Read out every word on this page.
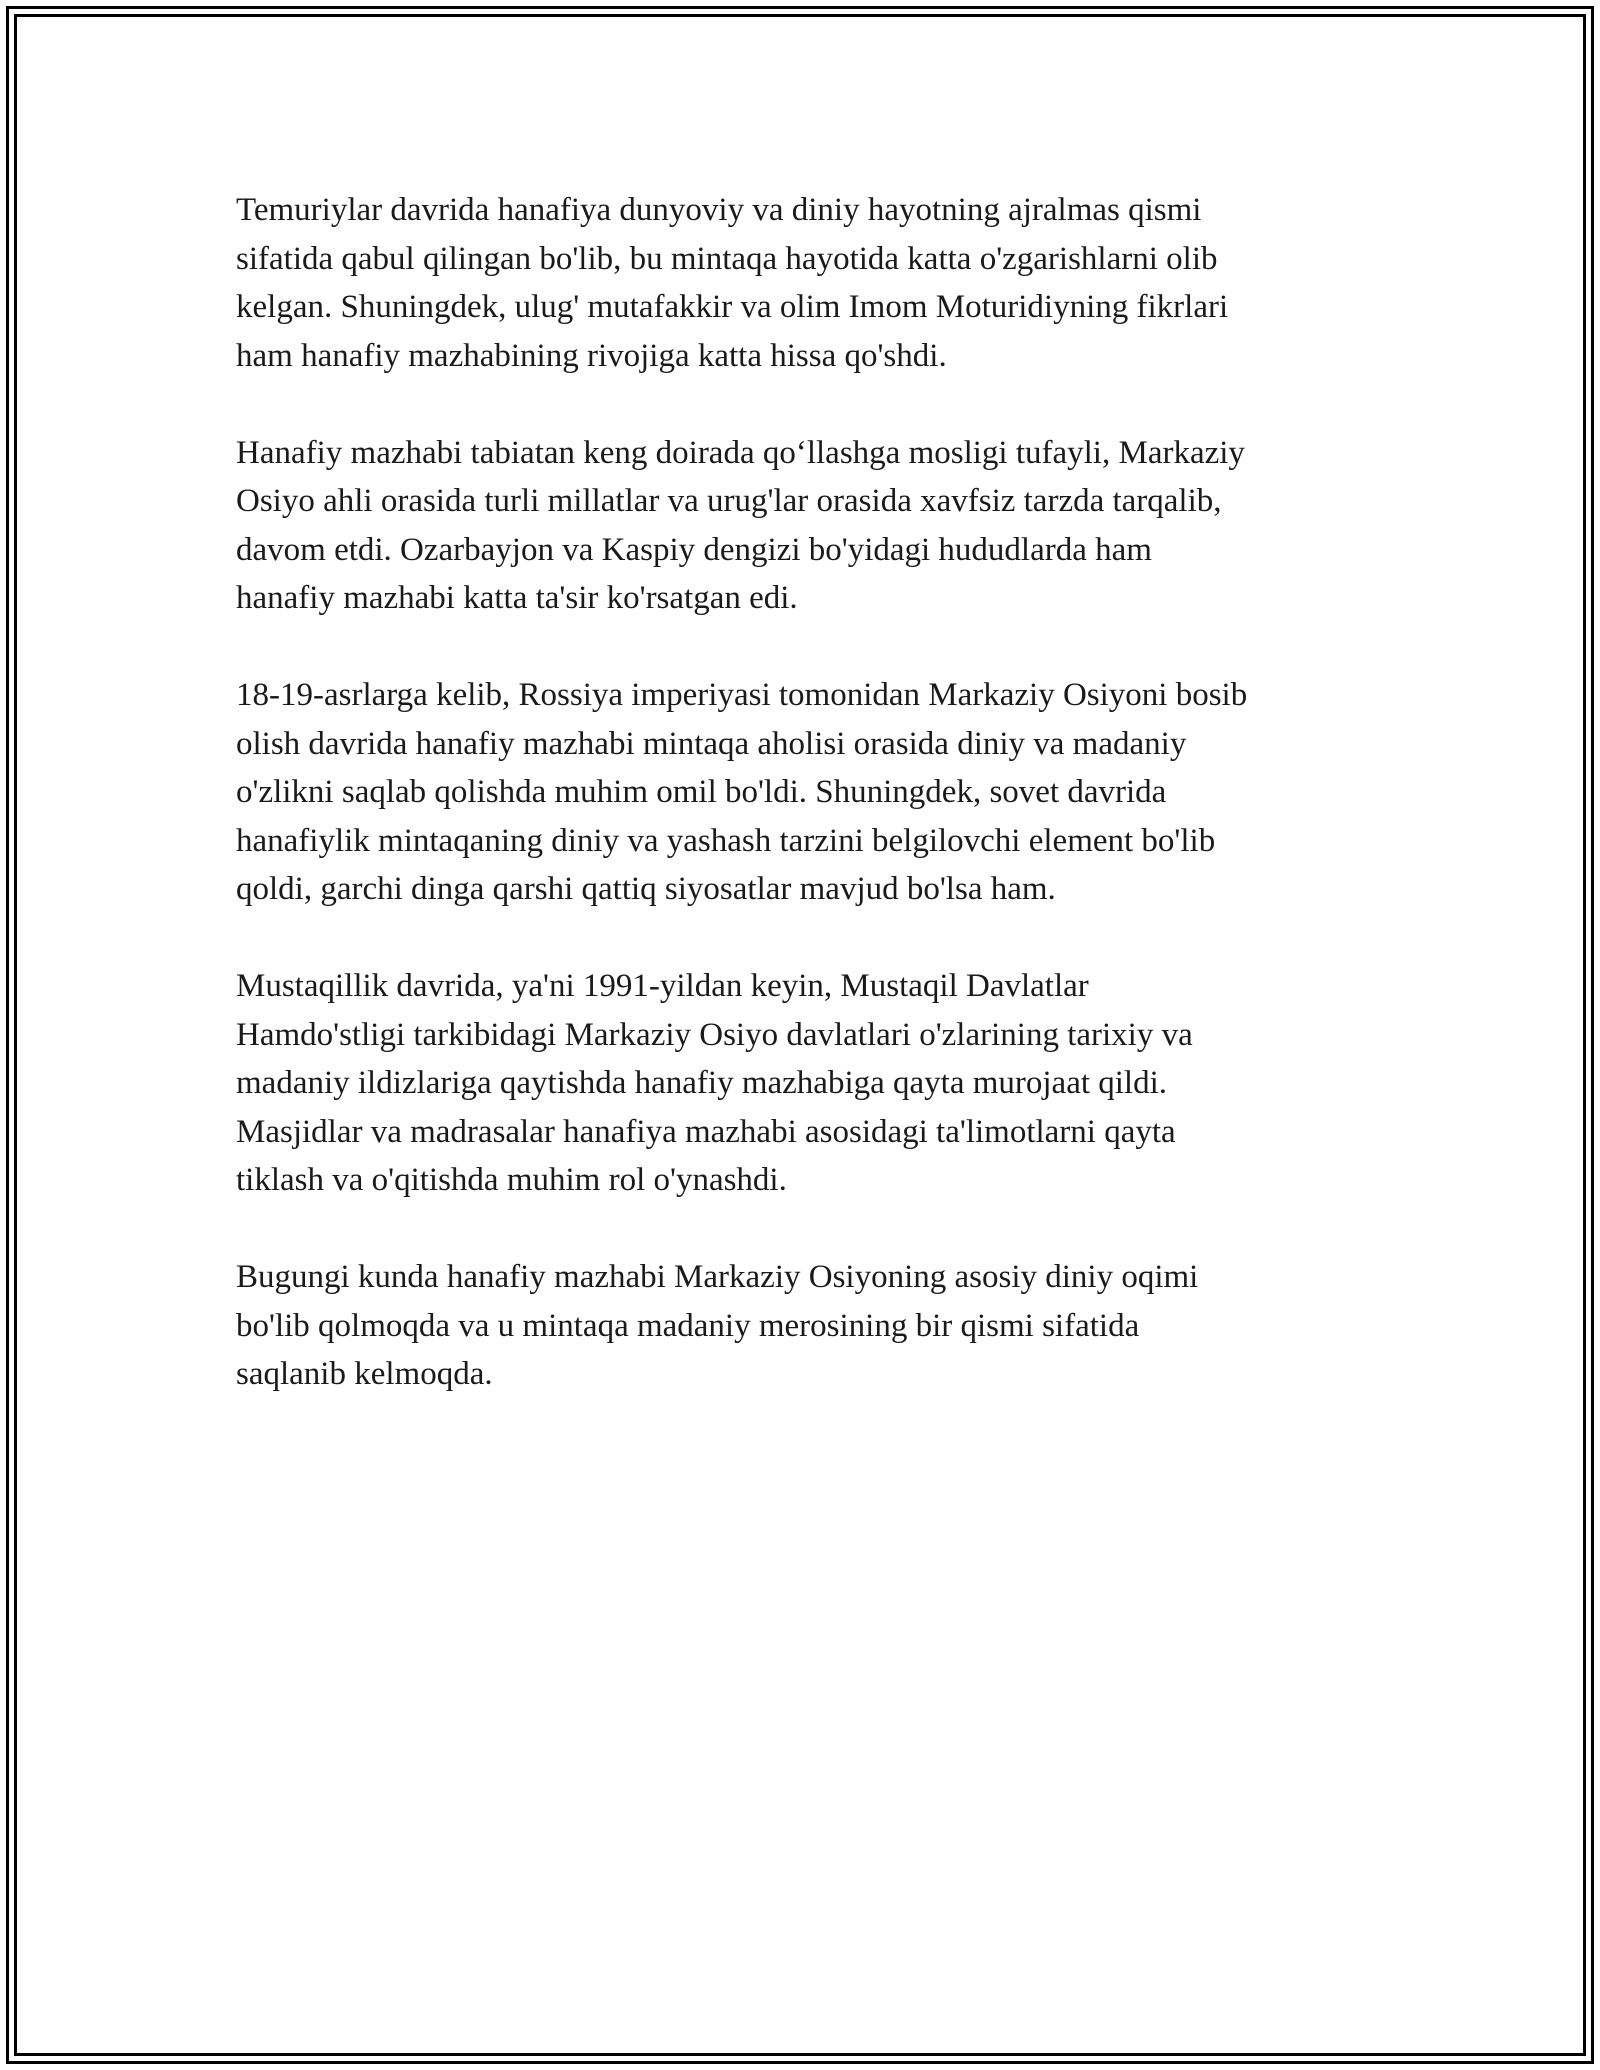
Temuriylar davrida hanafiya dunyoviy va diniy hayotning ajralmas qismi
sifatida qabul qilingan bo'lib, bu mintaqa hayotida katta o'zgarishlarni olib
kelgan. Shuningdek, ulug' mutafakkir va olim Imom Moturidiyning fikrlari
ham hanafiy mazhabining rivojiga katta hissa qo'shdi.

Hanafiy mazhabi tabiatan keng doirada qo‘llashga mosligi tufayli, Markaziy
Osiyo ahli orasida turli millatlar va urug'lar orasida xavfsiz tarzda tarqalib,
davom etdi. Ozarbayjon va Kaspiy dengizi bo'yidagi hududlarda ham
hanafiy mazhabi katta ta'sir ko'rsatgan edi.

18-19-asrlarga kelib, Rossiya imperiyasi tomonidan Markaziy Osiyoni bosib
olish davrida hanafiy mazhabi mintaqa aholisi orasida diniy va madaniy
o'zlikni saqlab qolishda muhim omil bo'ldi. Shuningdek, sovet davrida
hanafiylik mintaqaning diniy va yashash tarzini belgilovchi element bo'lib
qoldi, garchi dinga qarshi qattiq siyosatlar mavjud bo'lsa ham.

Mustaqillik davrida, ya'ni 1991-yildan keyin, Mustaqil Davlatlar
Hamdo'stligi tarkibidagi Markaziy Osiyo davlatlari o'zlarining tarixiy va
madaniy ildizlariga qaytishda hanafiy mazhabiga qayta murojaat qildi.
Masjidlar va madrasalar hanafiya mazhabi asosidagi ta'limotlarni qayta
tiklash va o'qitishda muhim rol o'ynashdi.

Bugungi kunda hanafiy mazhabi Markaziy Osiyoning asosiy diniy oqimi
bo'lib qolmoqda va u mintaqa madaniy merosining bir qismi sifatida
saqlanib kelmoqda.
